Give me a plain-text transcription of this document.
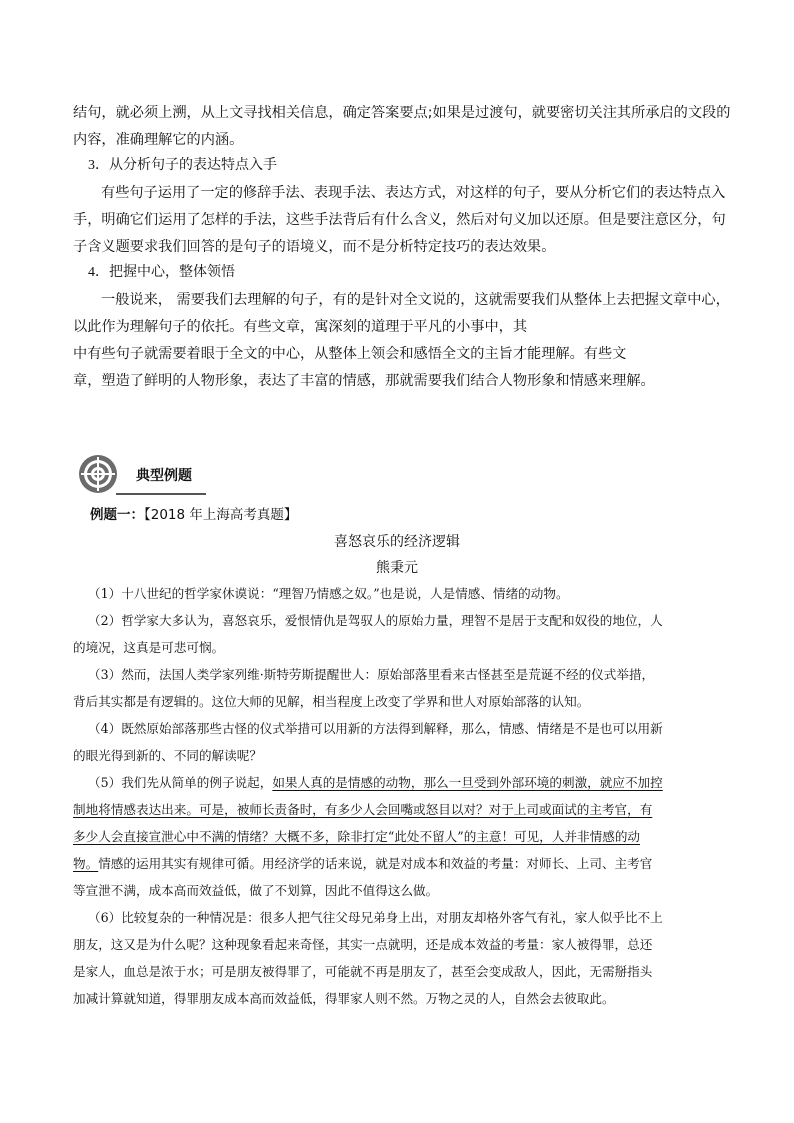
结句，就必须上溯，从上文寻找相关信息，确定答案要点;如果是过渡句，就要密切关注其所承启的文段的
内容，准确理解它的内涵。
3．从分析句子的表达特点入手
有些句子运用了一定的修辞手法、表现手法、表达方式，对这样的句子，要从分析它们的表达特点入
手，明确它们运用了怎样的手法，这些手法背后有什么含义，然后对句义加以还原。但是要注意区分，句
子含义题要求我们回答的是句子的语境义，而不是分析特定技巧的表达效果。
4．把握中心，整体领悟
一般说来， 需要我们去理解的句子，有的是针对全文说的，这就需要我们从整体上去把握文章中心，
以此作为理解句子的依托。有些文章，寓深刻的道理于平凡的小事中，其
中有些句子就需要着眼于全文的中心，从整体上领会和感悟全文的主旨才能理解。有些文
章，塑造了鲜明的人物形象，表达了丰富的情感，那就需要我们结合人物形象和情感来理解。
典型例题
例题一：【2018 年上海高考真题】
喜怒哀乐的经济逻辑
熊秉元
（1）十八世纪的哲学家休谟说：“理智乃情感之奴。”也是说，人是情感、情绪的动物。
（2）哲学家大多认为，喜怒哀乐，爱恨情仇是驾驭人的原始力量，理智不是居于支配和奴役的地位，人
的境况，这真是可悲可悯。
（3）然而，法国人类学家列维·斯特劳斯提醒世人：原始部落里看来古怪甚至是荒诞不经的仪式举措，
背后其实都是有逻辑的。这位大师的见解，相当程度上改变了学界和世人对原始部落的认知。
（4）既然原始部落那些古怪的仪式举措可以用新的方法得到解释，那么，情感、情绪是不是也可以用新
的眼光得到新的、不同的解读呢？
（5）我们先从简单的例子说起，如果人真的是情感的动物，那么一旦受到外部环境的刺激，就应不加控
制地将情感表达出来。可是，被师长责备时，有多少人会回嘴或怒目以对？对于上司或面试的主考官，有
多少人会直接宣泄心中不满的情绪？大概不多，除非打定“此处不留人”的主意！可见，人并非情感的动
物。情感的运用其实有规律可循。用经济学的话来说，就是对成本和效益的考量：对师长、上司、主考官
等宣泄不满，成本高而效益低，做了不划算，因此不值得这么做。
（6）比较复杂的一种情况是：很多人把气往父母兄弟身上出，对朋友却格外客气有礼，家人似乎比不上
朋友，这又是为什么呢？这种现象看起来奇怪，其实一点就明，还是成本效益的考量：家人被得罪，总还
是家人，血总是浓于水；可是朋友被得罪了，可能就不再是朋友了，甚至会变成敌人，因此，无需掰指头
加减计算就知道，得罪朋友成本高而效益低，得罪家人则不然。万物之灵的人，自然会去彼取此。
